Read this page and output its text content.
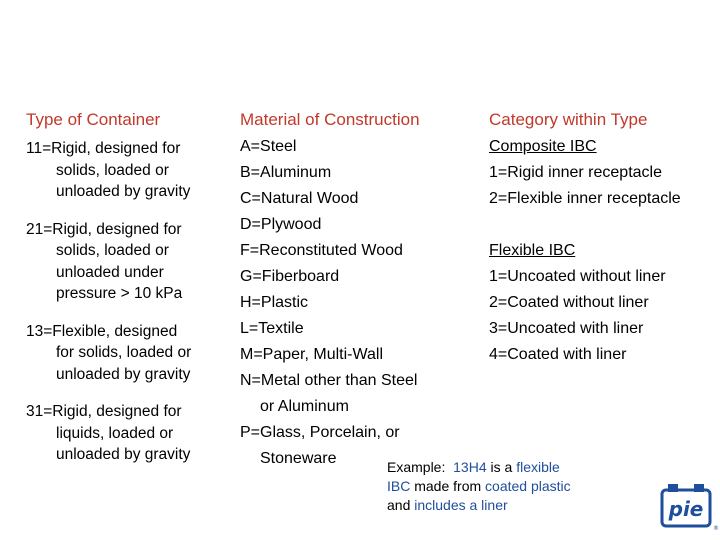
Type of Container	Material of Construction	Category within Type
11=Rigid, designed for
solids, loaded or
unloaded by gravity
21=Rigid, designed for
solids, loaded or
unloaded under
pressure > 10 kPa
13=Flexible, designed
for solids, loaded or
unloaded by gravity
31=Rigid, designed for
liquids, loaded or
unloaded by gravity
A=Steel
B=Aluminum
C=Natural Wood
D=Plywood
F=Reconstituted Wood
G=Fiberboard
H=Plastic
L=Textile
M=Paper, Multi-Wall
N=Metal other than Steel
or Aluminum
P=Glass, Porcelain, or
Stoneware
Composite IBC
1=Rigid inner receptacle
2=Flexible inner receptacle
Flexible IBC
1=Uncoated without liner
2=Coated without liner
3=Uncoated with liner
4=Coated with liner
Example:  13H4 is a flexible
IBC made from coated plastic
and includes a liner	pie
®
